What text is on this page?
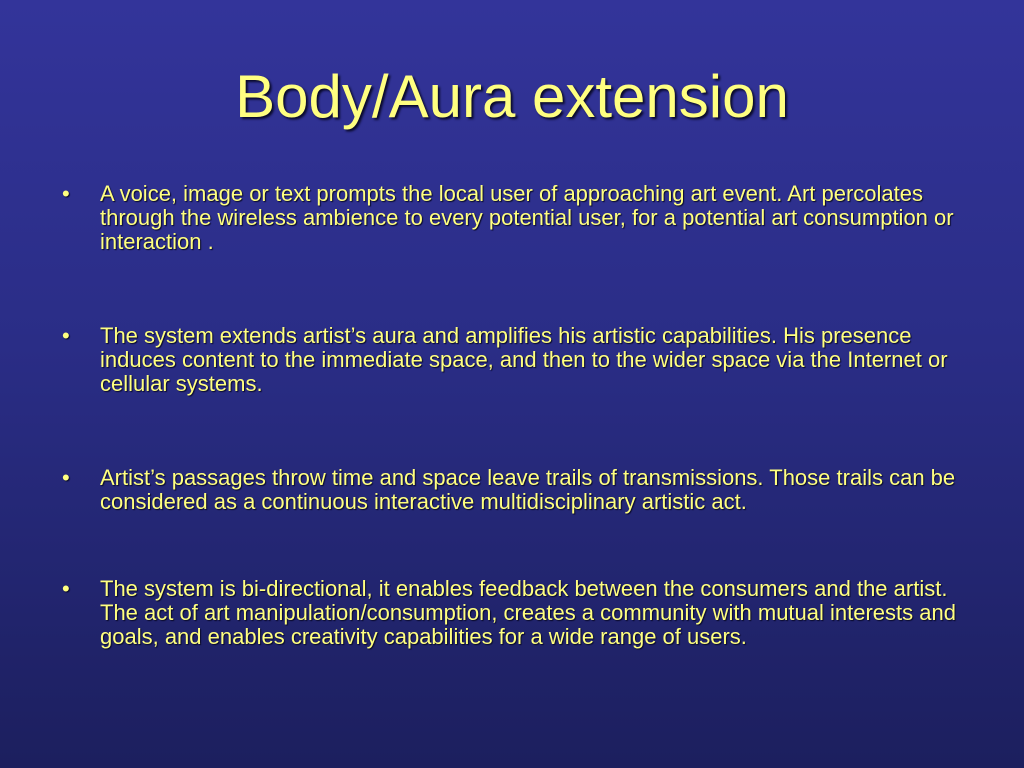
Body/Aura extension
•	A voice, image or text prompts the local user of approaching art event. Art percolates through the wireless ambience to every potential user, for a potential art consumption or interaction .
•	The system extends artist’s aura and amplifies his artistic capabilities. His presence induces content to the immediate space, and then to the wider space via the Internet or cellular systems.
•	Artist’s passages throw time and space leave trails of transmissions. Those trails can be considered as a continuous interactive multidisciplinary artistic act.
•	The system is bi-directional, it enables feedback between the consumers and the artist. The act of art manipulation/consumption, creates a community with mutual interests and goals, and enables creativity capabilities for a wide range of users.
